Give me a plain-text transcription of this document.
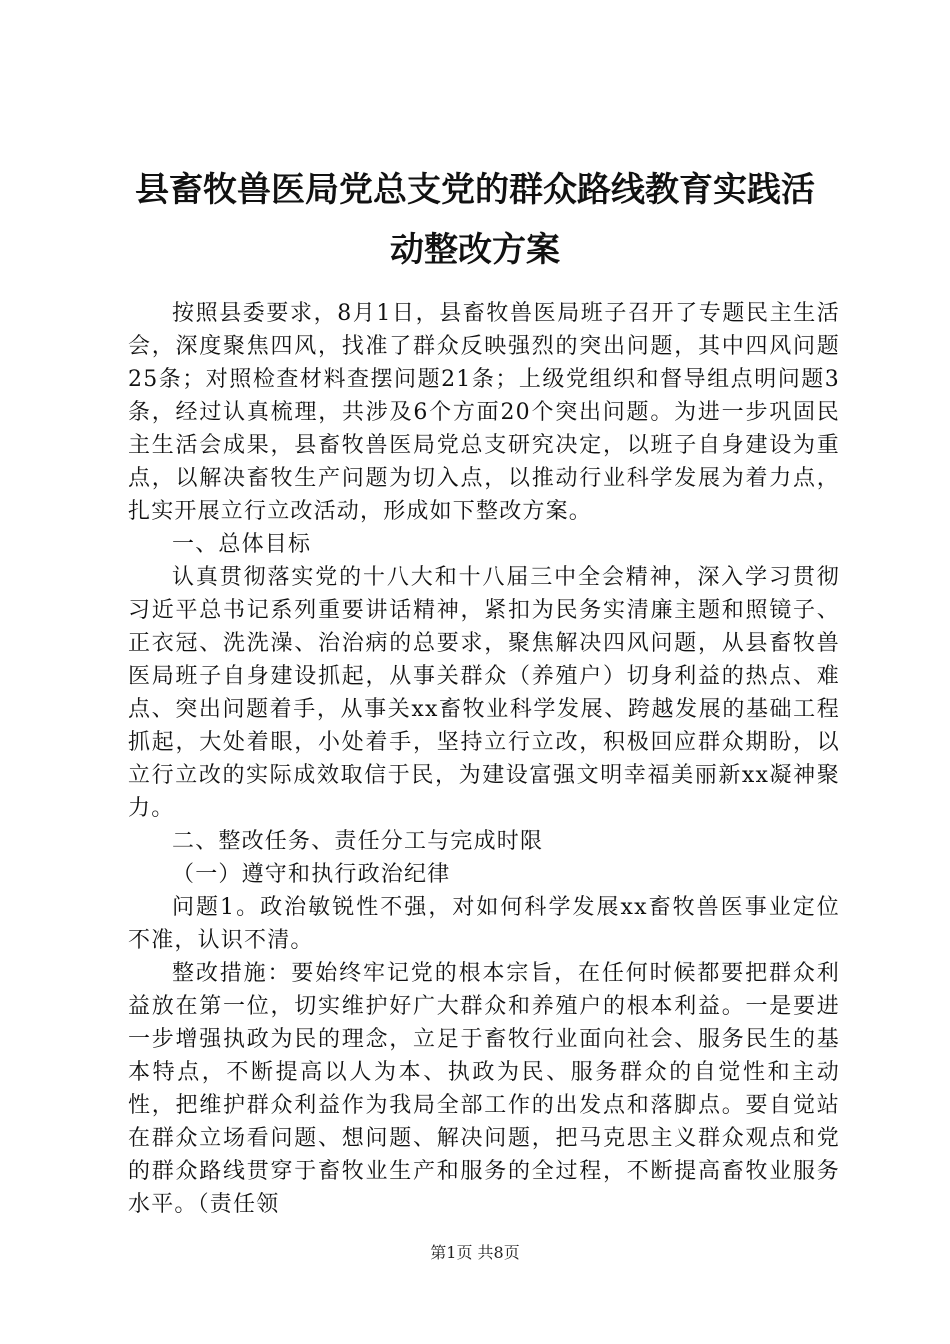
县畜牧兽医局党总支党的群众路线教育实践活
动整改方案

按照县委要求，8月1日，县畜牧兽医局班子召开了专题民主生活会，深度聚焦四风，找准了群众反映强烈的突出问题，其中四风问题25条；对照检查材料查摆问题21条；上级党组织和督导组点明问题3条，经过认真梳理，共涉及6个方面20个突出问题。为进一步巩固民主生活会成果，县畜牧兽医局党总支研究决定，以班子自身建设为重点，以解决畜牧生产问题为切入点，以推动行业科学发展为着力点，扎实开展立行立改活动，形成如下整改方案。

一、总体目标

认真贯彻落实党的十八大和十八届三中全会精神，深入学习贯彻习近平总书记系列重要讲话精神，紧扣为民务实清廉主题和照镜子、正衣冠、洗洗澡、治治病的总要求，聚焦解决四风问题，从县畜牧兽医局班子自身建设抓起，从事关群众（养殖户）切身利益的热点、难点、突出问题着手，从事关xx畜牧业科学发展、跨越发展的基础工程抓起，大处着眼，小处着手，坚持立行立改，积极回应群众期盼，以立行立改的实际成效取信于民，为建设富强文明幸福美丽新xx凝神聚力。

二、整改任务、责任分工与完成时限

（一）遵守和执行政治纪律

问题1。政治敏锐性不强，对如何科学发展xx畜牧兽医事业定位不准，认识不清。

整改措施：要始终牢记党的根本宗旨，在任何时候都要把群众利益放在第一位，切实维护好广大群众和养殖户的根本利益。一是要进一步增强执政为民的理念，立足于畜牧行业面向社会、服务民生的基本特点，不断提高以人为本、执政为民、服务群众的自觉性和主动性，把维护群众利益作为我局全部工作的出发点和落脚点。要自觉站在群众立场看问题、想问题、解决问题，把马克思主义群众观点和党的群众路线贯穿于畜牧业生产和服务的全过程，不断提高畜牧业服务水平。（责任领

第1页 共8页
